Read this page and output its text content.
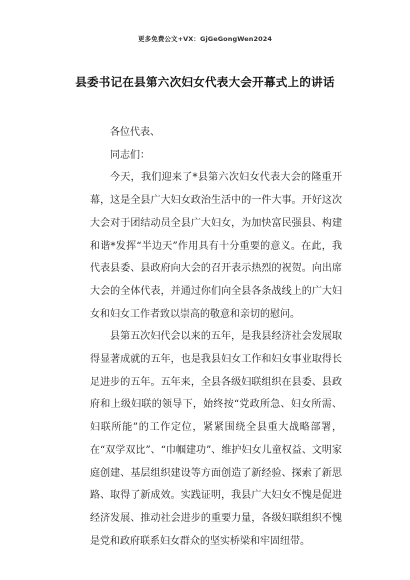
更多免费公文+VX：GjGeGongWen2024
县委书记在县第六次妇女代表大会开幕式上的讲话

各位代表、

同志们：

今天，我们迎来了*县第六次妇女代表大会的隆重开幕，这是全县广大妇女政治生活中的一件大事。开好这次大会对于团结动员全县广大妇女，为加快富民强县、构建和谐*发挥“半边天”作用具有十分重要的意义。在此，我代表县委、县政府向大会的召开表示热烈的祝贺。向出席大会的全体代表，并通过你们向全县各条战线上的广大妇女和妇女工作者致以崇高的敬意和亲切的慰问。

县第五次妇代会以来的五年，是我县经济社会发展取得显著成就的五年，也是我县妇女工作和妇女事业取得长足进步的五年。五年来，全县各级妇联组织在县委、县政府和上级妇联的领导下，始终按“党政所急、妇女所需、妇联所能”的工作定位，紧紧围绕全县重大战略部署，在“双学双比”、“巾帼建功”、维护妇女儿童权益、文明家庭创建、基层组织建设等方面创造了新经验、探索了新思路、取得了新成效。实践证明，我县广大妇女不愧是促进经济发展、推动社会进步的重要力量，各级妇联组织不愧是党和政府联系妇女群众的坚实桥梁和牢固纽带。
